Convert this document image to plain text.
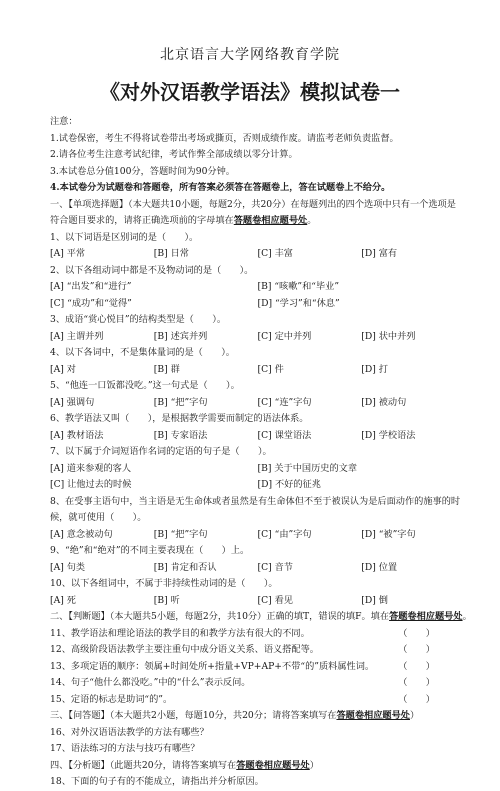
北京语言大学网络教育学院
《对外汉语教学语法》模拟试卷一

注意：

1.试卷保密，考生不得将试卷带出考场或撕页，否则成绩作废。请监考老师负责监督。

2.请各位考生注意考试纪律，考试作弊全部成绩以零分计算。

3.本试卷总分值100分，答题时间为90分钟。

4.本试卷分为试题卷和答题卷，所有答案必须答在答题卷上，答在试题卷上不给分。

一、【单项选择题】（本大题共10小题，每题2分，共20分）在每题列出的四个选项中只有一个选项是

符合题目要求的，请将正确选项前的字母填在答题卷相应题号处。

1、以下词语是区别词的是（　　）。

[A] 平常	[B] 日常	[C] 丰富	[D] 富有

2、以下各组动词中都是不及物动词的是（　　）。

[A] “出发”和“进行”	[B] “咳嗽”和“毕业”
[C] “成功”和“觉得”	[D] “学习”和“休息”

3、成语“赏心悦目”的结构类型是（　　）。

[A] 主谓并列	[B] 述宾并列	[C] 定中并列	[D] 状中并列

4、以下各词中，不是集体量词的是（　　）。

[A] 对	[B] 群	[C] 件	[D] 打

5、“他连一口饭都没吃。”这一句式是（　　）。

[A] 强调句	[B] “把”字句	[C] “连”字句	[D] 被动句

6、教学语法又叫（　　），是根据教学需要而制定的语法体系。

[A] 教材语法	[B] 专家语法	[C] 课堂语法	[D] 学校语法

7、以下属于介词短语作名词的定语的句子是（　　）。

[A] 道来参观的客人	[B] 关于中国历史的文章
[C] 让他过去的时候	[D] 不好的征兆

8、在受事主语句中，当主语是无生命体或者虽然是有生命体但不至于被误认为是后面动作的施事的时

候，就可使用（　　）。

[A] 意念被动句	[B] “把”字句	[C] “由”字句	[D] “被”字句

9、“绝”和“绝对”的不同主要表现在（　　）上。

[A] 句类	[B] 肯定和否认	[C] 音节	[D] 位置

10、以下各组词中，不属于非持续性动词的是（　　）。

[A] 死	[B] 听	[C] 看见	[D] 倒

二、【判断题】（本大题共5小题，每题2分，共10分）正确的填T，错误的填F。填在答题卷相应题号处。

11、教学语法和理论语法的教学目的和教学方法有很大的不同。	（　　）
12、高级阶段语法教学主要注重句中成分语义关系、语义搭配等。	（　　）
13、多项定语的顺序：领属+时间处所+指量+VP+AP+不带“的”质料属性词。	（　　）
14、句子“他什么都没吃。”中的“什么”表示反问。	（　　）
15、定语的标志是助词“的”。	（　　）

三、【问答题】（本大题共2小题，每题10分，共20分；请将答案填写在答题卷相应题号处）

16、对外汉语语法教学的方法有哪些？

17、语法练习的方法与技巧有哪些？

四、【分析题】（此题共20分，请将答案填写在答题卷相应题号处）

18、下面的句子有的不能成立，请指出并分析原因。
